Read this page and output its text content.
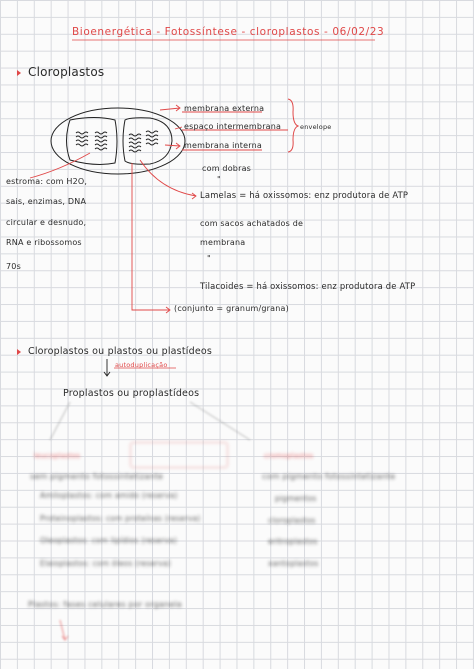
Bioenergética - Fotossíntese - cloroplastos - 06/02/23
Cloroplastos
membrana externa
espaço intermembrana
membrana interna
envelope
estroma: com H2O,
sais, enzimas, DNA
circular e desnudo,
RNA e ribossomos
70s
com dobras
"
Lamelas = há oxissomos: enz produtora de ATP
com sacos achatados de
membrana
"
Tilacoides = há oxissomos: enz produtora de ATP
(conjunto = granum/grana)
Cloroplastos ou plastos ou plastídeos
autoduplicação
Proplastos ou proplastídeos
leucoplastos
sem pigmento fotossintetizante
Amiloplastos: com amido (reserva)
Proteinoplastos: com proteínas (reserva)
Oleoplastos: com lipídios (reserva)
Elaioplastos: com óleos (reserva)
cromoplastos
com pigmento fotossintetizante
pigmentos
cloroplastos
eritroplastos
xantoplastos
Plastos: fases celulares por organela
